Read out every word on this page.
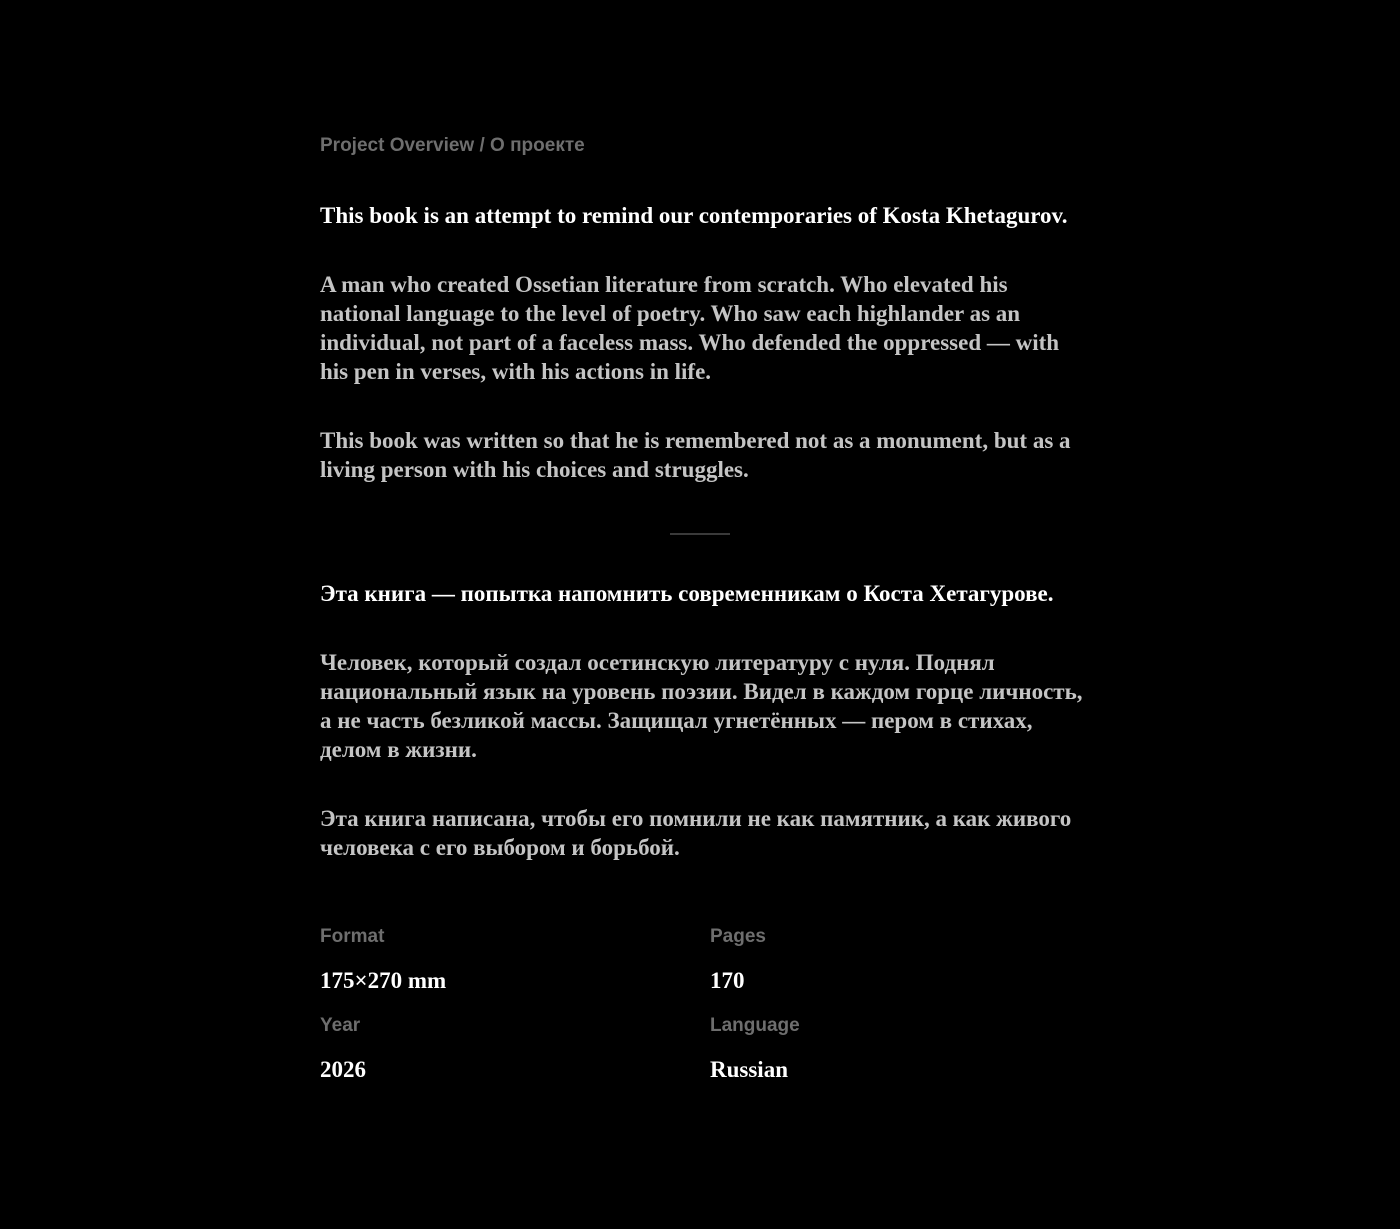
Project Overview / О проекте

This book is an attempt to remind our contemporaries of Kosta Khetagurov.

A man who created Ossetian literature from scratch. Who elevated his national language to the level of poetry. Who saw each highlander as an individual, not part of a faceless mass. Who defended the oppressed — with his pen in verses, with his actions in life.

This book was written so that he is remembered not as a monument, but as a living person with his choices and struggles.

Эта книга — попытка напомнить современникам о Коста Хетагурове.

Человек, который создал осетинскую литературу с нуля. Поднял национальный язык на уровень поэзии. Видел в каждом горце личность, а не часть безликой массы. Защищал угнетённых — пером в стихах, делом в жизни.

Эта книга написана, чтобы его помнили не как памятник, а как живого человека с его выбором и борьбой.

Format

175×270 mm

Pages

170

Year

2026

Language

Russian
